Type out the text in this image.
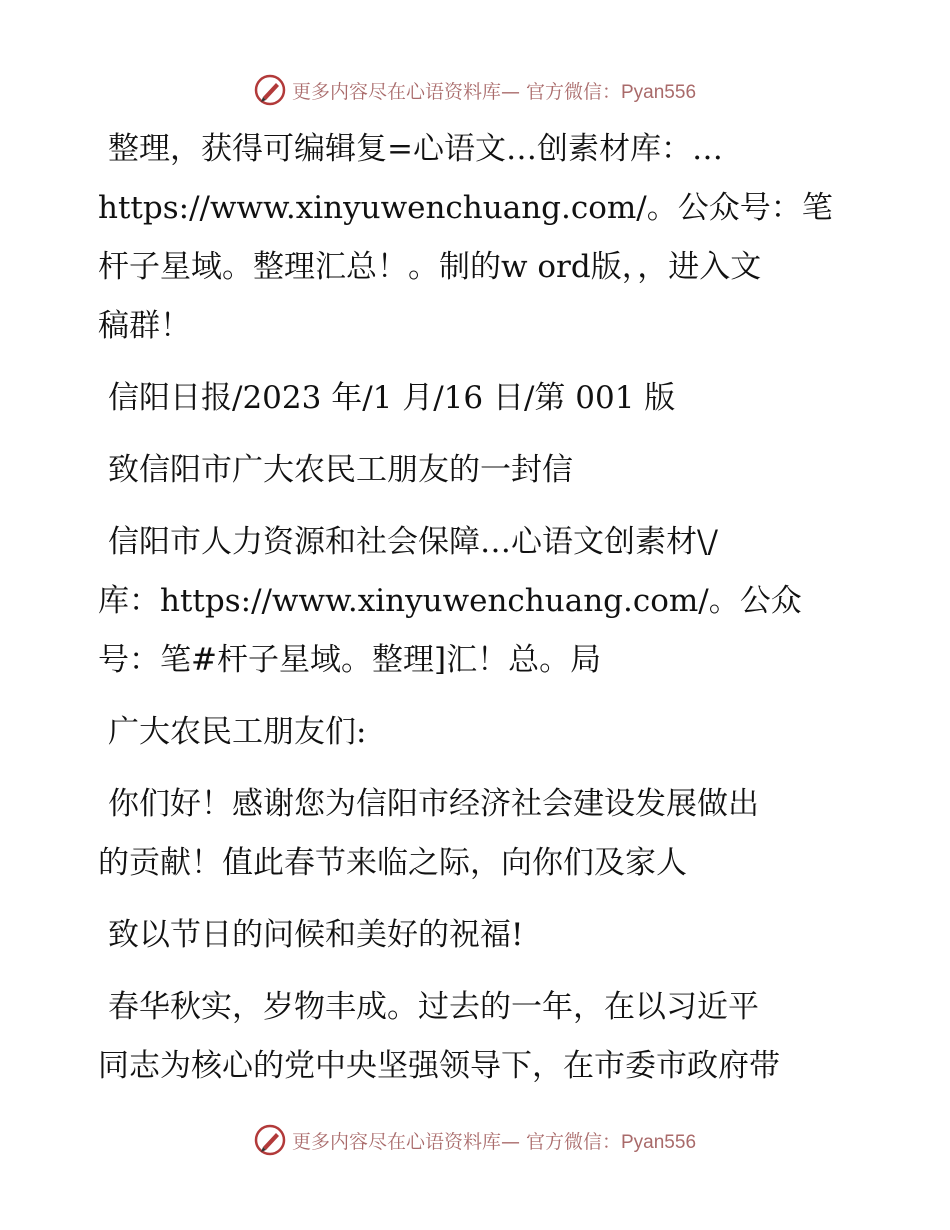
更多内容尽在心语资料库— 官方微信：Pyan556
整理，获得可编辑复=心语文…创素材库：…
https://www.xinyuwenchuang.com/。公众号：笔
杆子星域。整理汇总！。制的w ord版，，进入文
稿群！
信阳日报/2023 年/1 月/16 日/第 001 版
致信阳市广大农民工朋友的一封信
信阳市人力资源和社会保障…心语文创素材\/
库：https://www.xinyuwenchuang.com/。公众
号：笔#杆子星域。整理]汇！总。局
广大农民工朋友们:
你们好！感谢您为信阳市经济社会建设发展做出
的贡献！值此春节来临之际，向你们及家人
致以节日的问候和美好的祝福!
春华秋实，岁物丰成。过去的一年，在以习近平
同志为核心的党中央坚强领导下，在市委市政府带
更多内容尽在心语资料库— 官方微信：Pyan556
